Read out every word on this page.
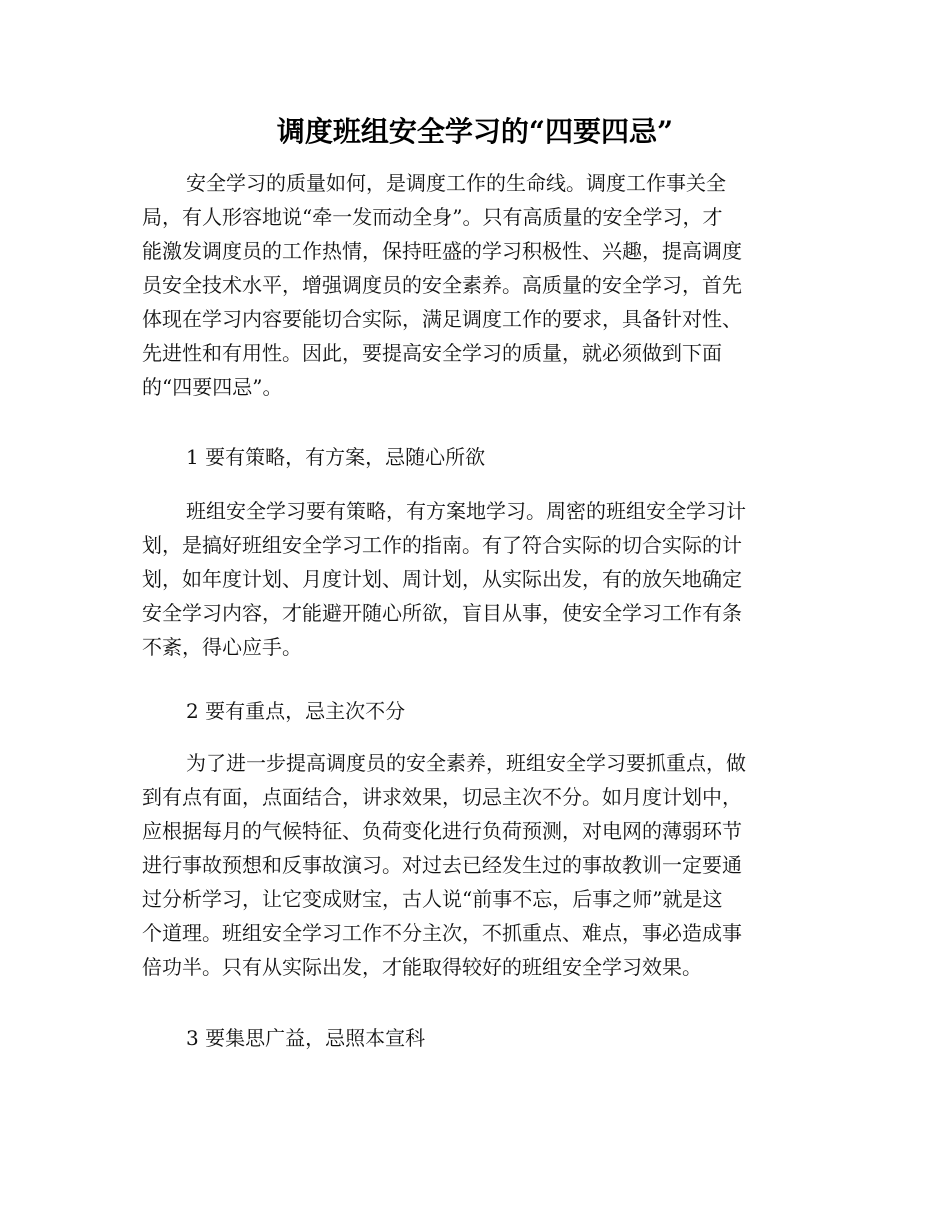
调度班组安全学习的“四要四忌”
安全学习的质量如何，是调度工作的生命线。调度工作事关全
局，有人形容地说“牵一发而动全身”。只有高质量的安全学习，才
能激发调度员的工作热情，保持旺盛的学习积极性、兴趣，提高调度
员安全技术水平，增强调度员的安全素养。高质量的安全学习，首先
体现在学习内容要能切合实际，满足调度工作的要求，具备针对性、
先进性和有用性。因此，要提高安全学习的质量，就必须做到下面
的“四要四忌”。

1 要有策略，有方案，忌随心所欲

班组安全学习要有策略，有方案地学习。周密的班组安全学习计
划，是搞好班组安全学习工作的指南。有了符合实际的切合实际的计
划，如年度计划、月度计划、周计划，从实际出发，有的放矢地确定
安全学习内容，才能避开随心所欲，盲目从事，使安全学习工作有条
不紊，得心应手。

2 要有重点，忌主次不分

为了进一步提高调度员的安全素养，班组安全学习要抓重点，做
到有点有面，点面结合，讲求效果，切忌主次不分。如月度计划中，
应根据每月的气候特征、负荷变化进行负荷预测，对电网的薄弱环节
进行事故预想和反事故演习。对过去已经发生过的事故教训一定要通
过分析学习，让它变成财宝，古人说“前事不忘，后事之师”就是这
个道理。班组安全学习工作不分主次，不抓重点、难点，事必造成事
倍功半。只有从实际出发，才能取得较好的班组安全学习效果。

3 要集思广益，忌照本宣科
